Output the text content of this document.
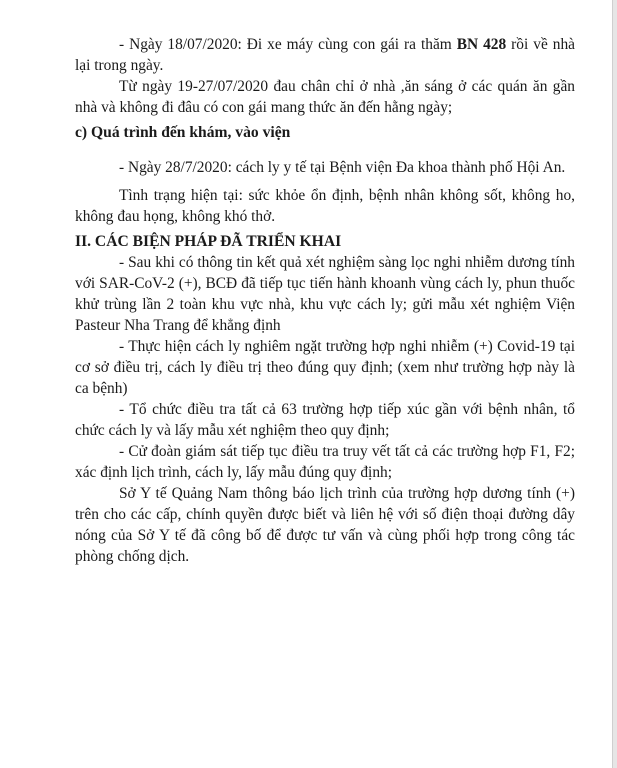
- Ngày 18/07/2020: Đi xe máy cùng con gái ra thăm BN 428 rồi về nhà lại trong ngày.

Từ ngày 19-27/07/2020 đau chân chỉ ở nhà ,ăn sáng ở các quán ăn gần nhà và không đi đâu có con gái mang thức ăn đến hằng ngày;

c) Quá trình đến khám, vào viện

- Ngày 28/7/2020: cách ly y tế tại Bệnh viện Đa khoa thành phố Hội An.

Tình trạng hiện tại: sức khỏe ổn định, bệnh nhân không sốt, không ho, không đau họng, không khó thở.

II. CÁC BIỆN PHÁP ĐÃ TRIỂN KHAI

- Sau khi có thông tin kết quả xét nghiệm sàng lọc nghi nhiễm dương tính với SAR-CoV-2 (+), BCĐ đã tiếp tục tiến hành khoanh vùng cách ly, phun thuốc khử trùng lần 2 toàn khu vực nhà, khu vực cách ly; gửi mẫu xét nghiệm Viện Pasteur Nha Trang để khẳng định

- Thực hiện cách ly nghiêm ngặt trường hợp nghi nhiễm (+) Covid-19 tại cơ sở điều trị, cách ly điều trị theo đúng quy định; (xem như trường hợp này là ca bệnh)

- Tổ chức điều tra tất cả 63 trường hợp tiếp xúc gần với bệnh nhân, tổ chức cách ly và lấy mẫu xét nghiệm theo quy định;

- Cử đoàn giám sát tiếp tục điều tra truy vết tất cả các trường hợp F1, F2; xác định lịch trình, cách ly, lấy mẫu đúng quy định;

Sở Y tế Quảng Nam thông báo lịch trình của trường hợp dương tính (+) trên cho các cấp, chính quyền được biết và liên hệ với số điện thoại đường dây nóng của Sở Y tế đã công bố để được tư vấn và cùng phối hợp trong công tác phòng chống dịch.
